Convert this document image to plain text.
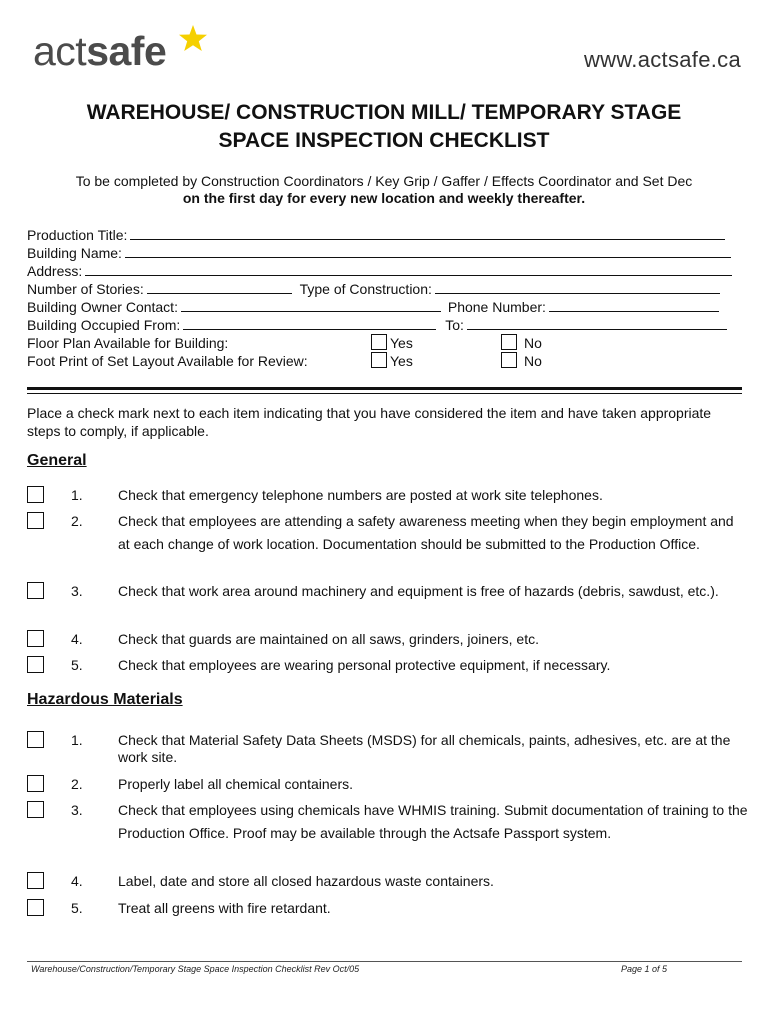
actsafe	www.actsafe.ca
WAREHOUSE/ CONSTRUCTION MILL/ TEMPORARY STAGE
SPACE INSPECTION CHECKLIST
To be completed by Construction Coordinators / Key Grip / Gaffer / Effects Coordinator and Set Dec
on the first day for every new location and weekly thereafter.
Production Title:
Building Name:
Address:
Number of Stories:	Type of Construction:
Building Owner Contact:	Phone Number:
Building Occupied From:	To:
Floor Plan Available for Building:	Yes	No
Foot Print of Set Layout Available for Review:	Yes	No
Place a check mark next to each item indicating that you have considered the item and have taken appropriate steps to comply, if applicable.
General
1.	Check that emergency telephone numbers are posted at work site telephones.
2.	Check that employees are attending a safety awareness meeting when they begin employment and at each change of work location. Documentation should be submitted to the Production Office.
3.	Check that work area around machinery and equipment is free of hazards (debris, sawdust, etc.).
4.	Check that guards are maintained on all saws, grinders, joiners, etc.
5.	Check that employees are wearing personal protective equipment, if necessary.
Hazardous Materials
1.	Check that Material Safety Data Sheets (MSDS) for all chemicals, paints, adhesives, etc. are at the work site.
2.	Properly label all chemical containers.
3.	Check that employees using chemicals have WHMIS training. Submit documentation of training to the Production Office. Proof may be available through the Actsafe Passport system.
4.	Label, date and store all closed hazardous waste containers.
5.	Treat all greens with fire retardant.
Warehouse/Construction/Temporary Stage Space Inspection Checklist Rev Oct/05	Page 1 of 5
